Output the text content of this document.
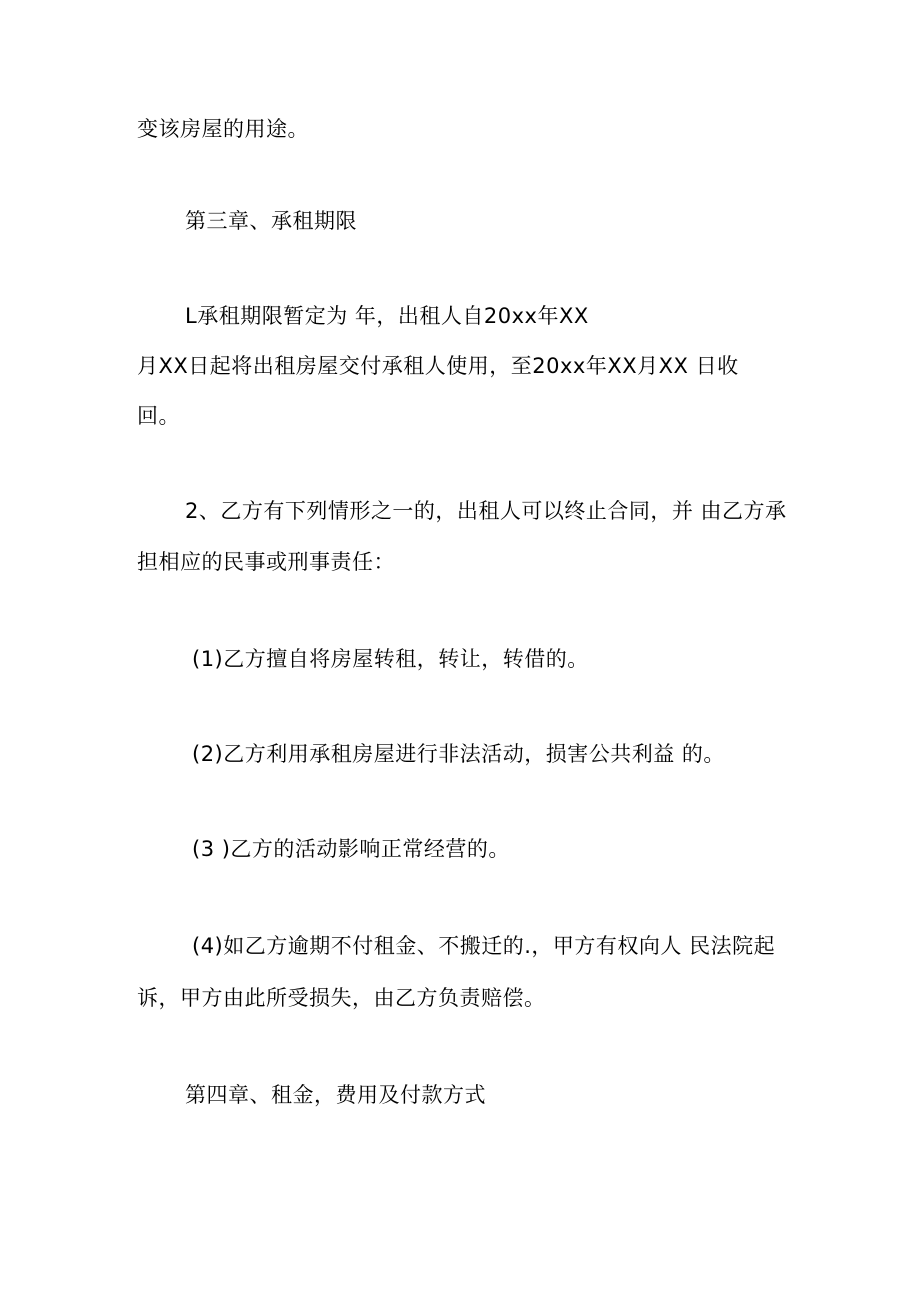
变该房屋的用途。
第三章、承租期限
L承租期限暂定为 年，出租人自20xx年XX
月XX日起将出租房屋交付承租人使用，至20xx年XX月XX 日收
回。
2、乙方有下列情形之一的，出租人可以终止合同，并 由乙方承
担相应的民事或刑事责任：
(1)乙方擅自将房屋转租，转让，转借的。
(2)乙方利用承租房屋进行非法活动，损害公共利益 的。
(3 )乙方的活动影响正常经营的。
(4)如乙方逾期不付租金、不搬迁的.，甲方有权向人 民法院起
诉，甲方由此所受损失，由乙方负责赔偿。
第四章、租金，费用及付款方式
